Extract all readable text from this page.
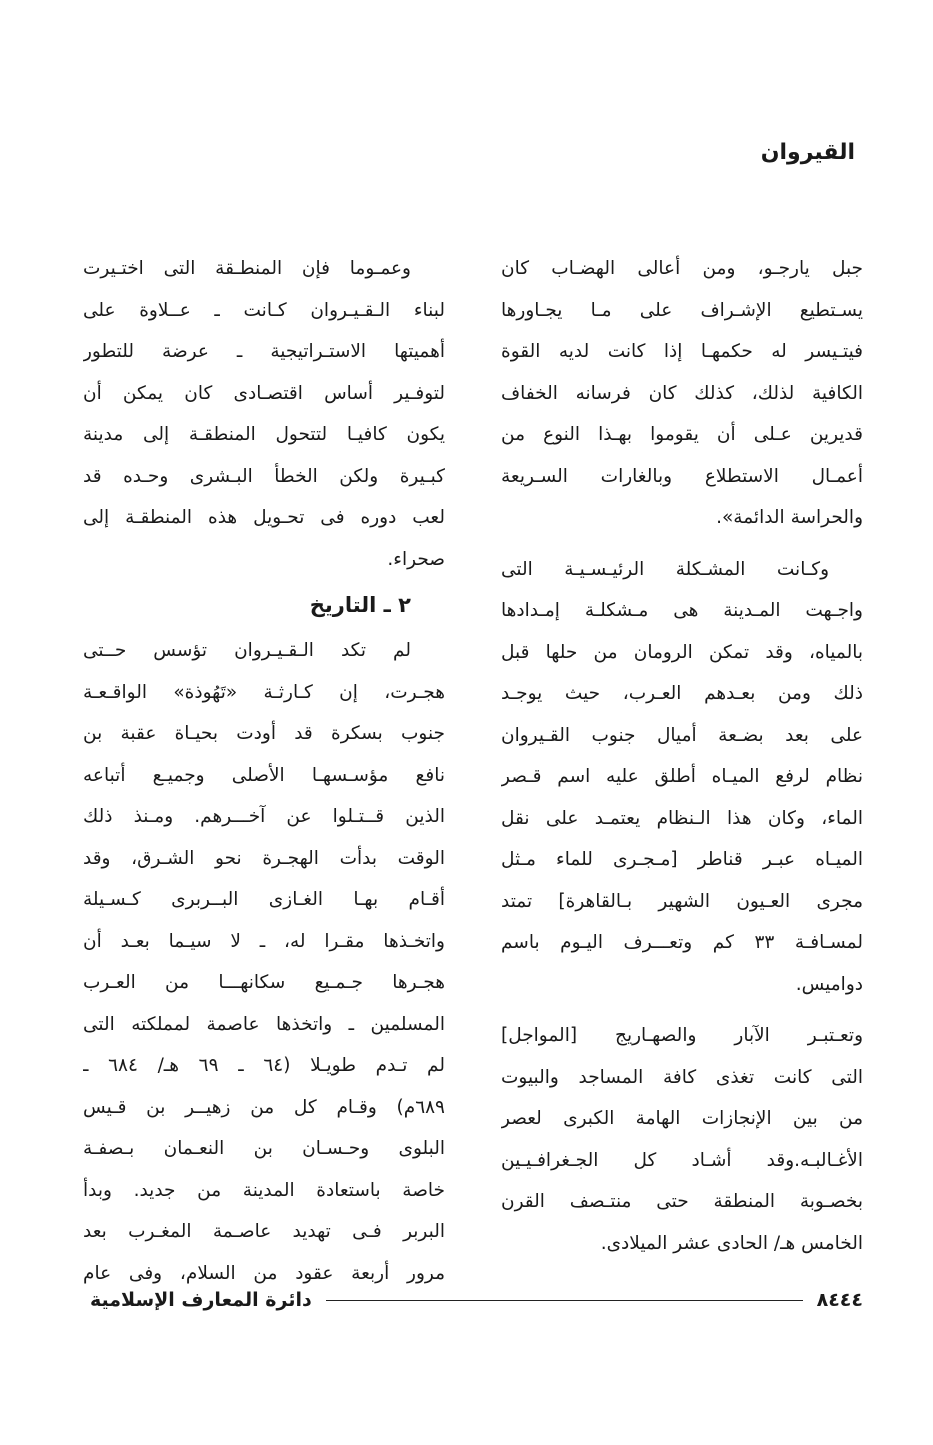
القيروان
جبل يارجـو، ومن أعالى الهضـاب كان
يسـتطيع الإشـراف على مـا يجـاورها
فيتـيسر له حكمهـا إذا كانت لديه القوة
الكافية لذلك، كذلك كان فرسانه الخفاف
قديرين عـلى أن يقوموا بهـذا النوع من
أعمـال الاستطلاع وبالغارات السـريعة
والحراسة الدائمة».
وكـانت المشـكلة الرئيـسـيـة التى
واجـهت المـدينة هى مـشكلـة إمـدادها
بالمياه، وقد تمكن الرومان من حلها قبل
ذلك ومن بعـدهم العـرب، حيث يوجـد
على بعد بضـعة أميال جنوب القـيروان
نظام لرفع الميـاه أطلق عليه اسم قـصر
الماء، وكان هذا الـنظام يعتمـد على نقل
الميـاه عبـر قناطر [مـجـرى للماء مـثل
مجرى العـيون الشهير بـالقاهرة] تمتد
لمسـافـة ٣٣ كم وتعـــرف اليـوم باسم
دواميس.
وتعـتبـر الآبار والصهـاريج [المواجل]
التى كانت تغذى كافة المساجد والبيوت
من بين الإنجازات الهامة الكبرى لعصر
الأغـالبـه.وقد أشـاد كل الجـغرافـيـين
بخصـوبة المنطقة حتى منتـصف القرن
الخامس هـ/ الحادى عشر الميلادى.
وعمـوما فإن المنطـقة التى اختـيرت
لبناء الـقـيـروان كـانت ـ عــلاوة على
أهميتها الاستـراتيجية ـ عرضة للتطور
لتوفـير أساس اقتصـادى كان يمكن أن
يكون كافيـا لتتحول المنطقـة إلى مدينة
كبـيرة ولكن الخطأ البـشرى وحـده قد
لعب دوره فى تحـويل هذه المنطقـة إلى
صحراء.
٢ ـ التاريخ
لم تكد الـقـيـروان تؤسس حــتى
هجـرت، إن كـارثـة «تَهُوذة» الواقـعـة
جنوب بسكرة قد أودت بحيـاة عقبة بن
نافع مؤسـسهـا الأصلى وجميـع أتباعه
الذين قــتـلوا عن آخـــرهم. ومـنذ ذلك
الوقت بدأت الهجـرة نحو الشـرق، وقد
أقـام بهـا الغـازى البــربرى كـسـيلة
واتخـذها مقـرا له، ـ لا سيـما بعـد أن
هجـرها جـمـيع سكانهـــا من العـرب
المسلمين ـ واتخذها عاصمة لمملكته التى
لم تـدم طويـلا (٦٤ ـ ٦٩ هـ/ ٦٨٤ ـ
٦٨٩م) وقـام كل من زهيــر بن قـيس
البلوى وحـسـان بن النعـمان بـصفـة
خاصة باستعادة المدينة من جديد. وبدأ
البربر فـى تهديد عاصـمة المغـرب بعد
مرور أربعة عقود من السلام، وفى عام
٨٤٤٤
دائرة المعارف الإسلامية
